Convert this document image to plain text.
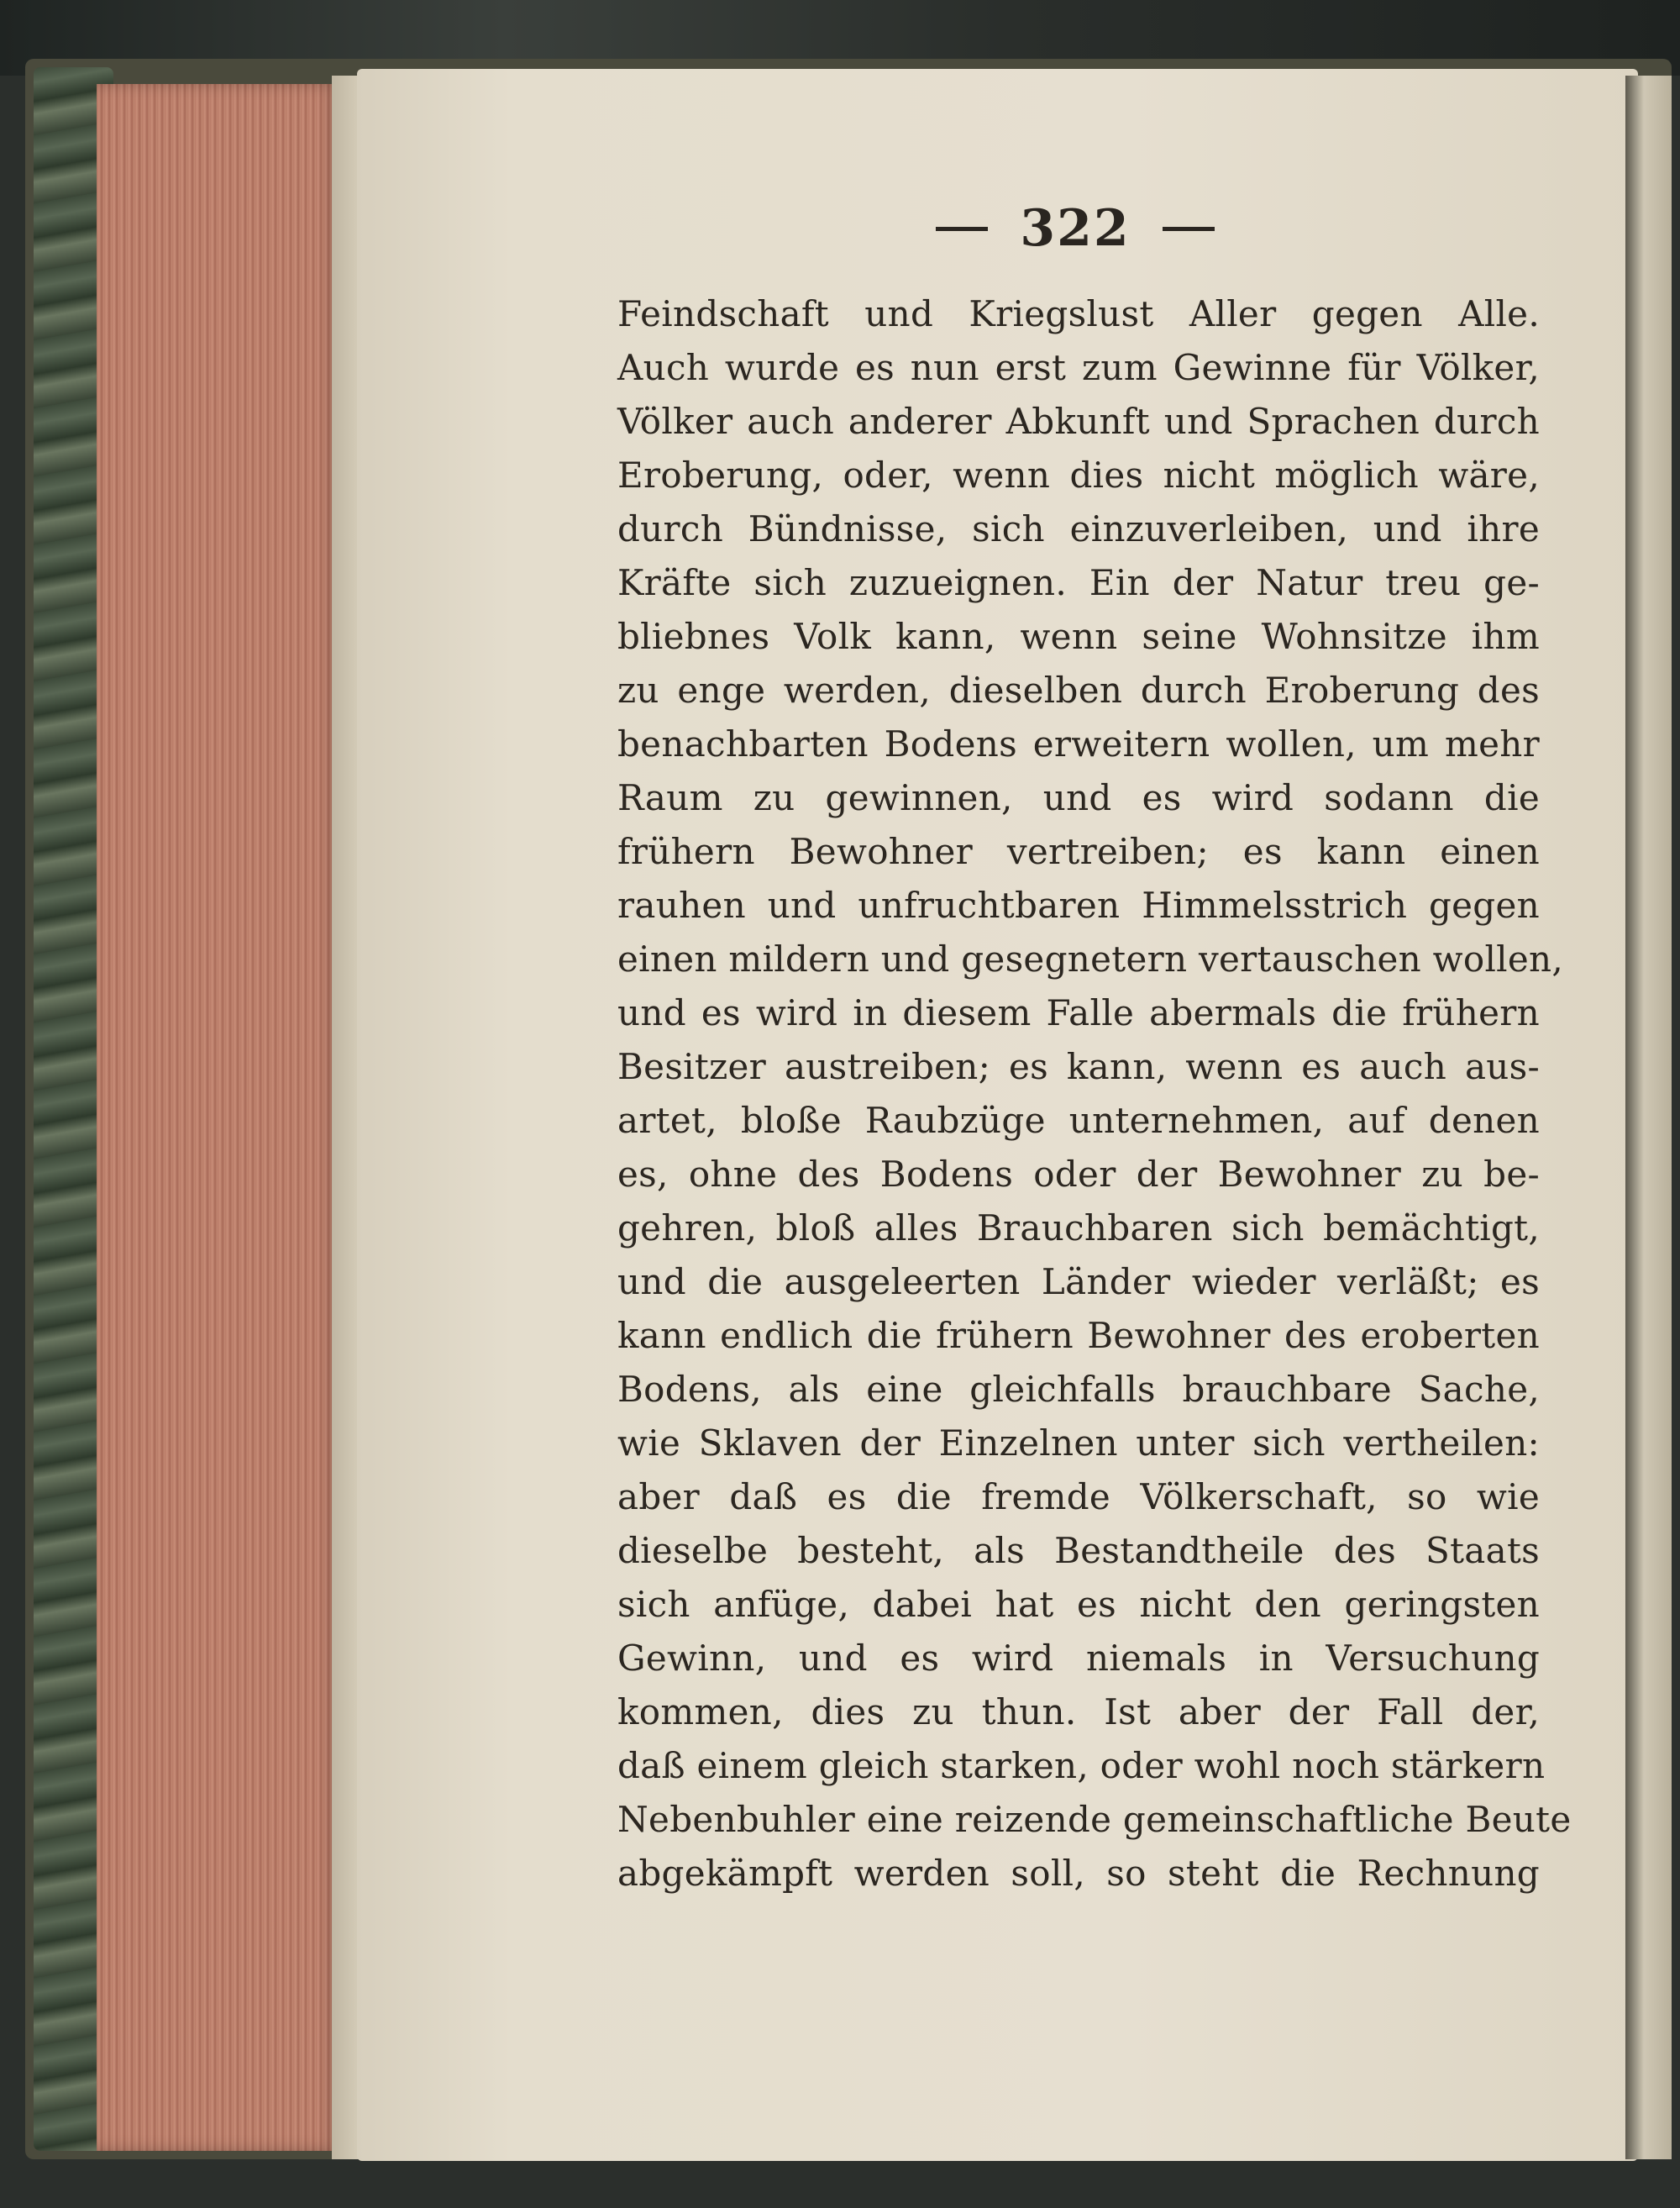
322
Feindschaft und Kriegslust Aller gegen Alle.
Auch wurde es nun erst zum Gewinne für Völker,
Völker auch anderer Abkunft und Sprachen durch
Eroberung, oder, wenn dies nicht möglich wäre,
durch Bündnisse, sich einzuverleiben, und ihre
Kräfte sich zuzueignen. Ein der Natur treu ge-
bliebnes Volk kann, wenn seine Wohnsitze ihm
zu enge werden, dieselben durch Eroberung des
benachbarten Bodens erweitern wollen, um mehr
Raum zu gewinnen, und es wird sodann die
frühern Bewohner vertreiben; es kann einen
rauhen und unfruchtbaren Himmelsstrich gegen
einen mildern und gesegnetern vertauschen wollen,
und es wird in diesem Falle abermals die frühern
Besitzer austreiben; es kann, wenn es auch aus-
artet, bloße Raubzüge unternehmen, auf denen
es, ohne des Bodens oder der Bewohner zu be-
gehren, bloß alles Brauchbaren sich bemächtigt,
und die ausgeleerten Länder wieder verläßt; es
kann endlich die frühern Bewohner des eroberten
Bodens, als eine gleichfalls brauchbare Sache,
wie Sklaven der Einzelnen unter sich vertheilen:
aber daß es die fremde Völkerschaft, so wie
dieselbe besteht, als Bestandtheile des Staats
sich anfüge, dabei hat es nicht den geringsten
Gewinn, und es wird niemals in Versuchung
kommen, dies zu thun. Ist aber der Fall der,
daß einem gleich starken, oder wohl noch stärkern
Nebenbuhler eine reizende gemeinschaftliche Beute
abgekämpft werden soll, so steht die Rechnung
